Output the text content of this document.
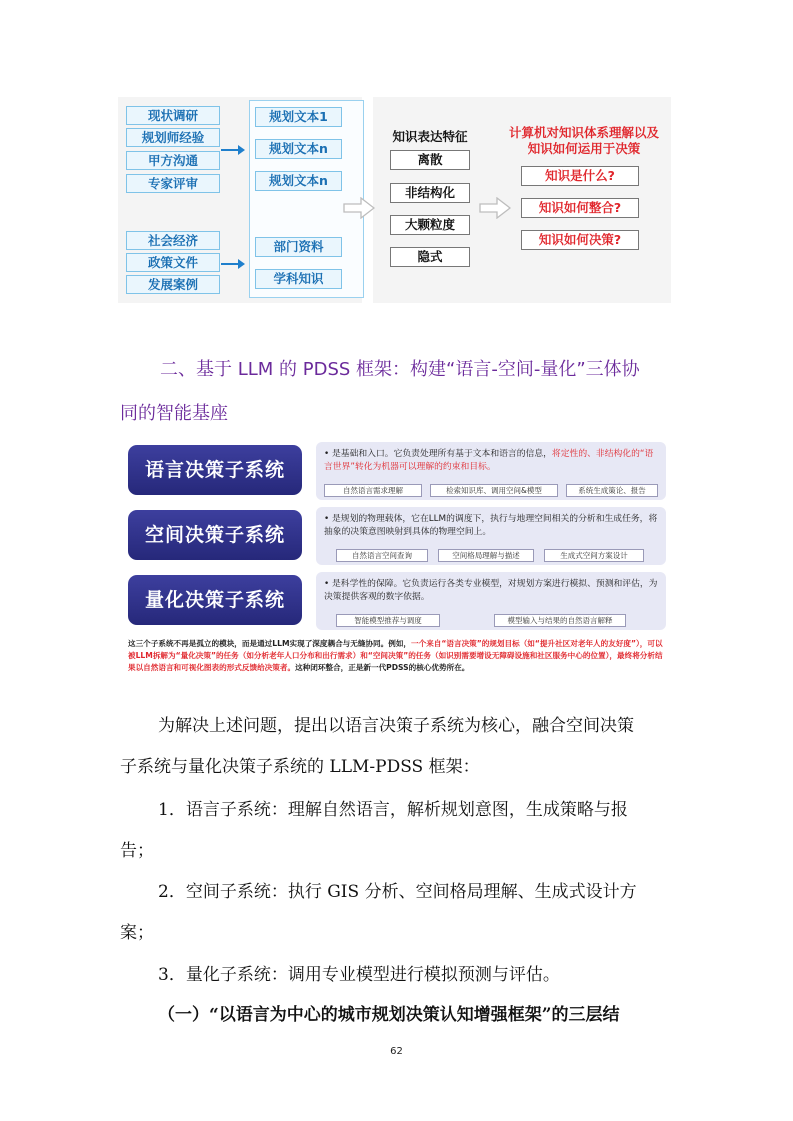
现状调研
规划师经验
甲方沟通
专家评审
社会经济
政策文件
发展案例
规划文本1
规划文本n
规划文本n
部门资料
学科知识
知识表达特征
离散
非结构化
大颗粒度
隐式
计算机对知识体系理解以及
知识如何运用于决策
知识是什么?
知识如何整合?
知识如何决策?
二、基于 LLM 的 PDSS 框架：构建“语言-空间-量化”三体协
同的智能基座
语言决策子系统
• 是基础和入口。它负责处理所有基于文本和语言的信息，将定性的、非结构化的“语言世界”转化为机器可以理解的约束和目标。
自然语言需求理解	检索知识库、调用空间&模型	系统生成策论、报告
空间决策子系统
• 是规划的物理载体，它在LLM的调度下，执行与地理空间相关的分析和生成任务，将抽象的决策意图映射到具体的物理空间上。
自然语言空间查询	空间格局理解与描述	生成式空间方案设计
量化决策子系统
• 是科学性的保障。它负责运行各类专业模型，对规划方案进行模拟、预测和评估，为决策提供客观的数字依据。
智能模型推荐与调度	模型输入与结果的自然语言解释
这三个子系统不再是孤立的模块，而是通过LLM实现了深度耦合与无缝协同。例如，一个来自“语言决策”的规划目标（如“提升社区对老年人的友好度”），可以被LLM拆解为“量化决策”的任务（如分析老年人口分布和出行需求）和“空间决策”的任务（如识别需要增设无障碍设施和社区服务中心的位置），最终将分析结果以自然语言和可视化图表的形式反馈给决策者。这种闭环整合，正是新一代PDSS的核心优势所在。
为解决上述问题，提出以语言决策子系统为核心，融合空间决策
子系统与量化决策子系统的 LLM-PDSS 框架：
1．语言子系统：理解自然语言，解析规划意图，生成策略与报
告；
2．空间子系统：执行 GIS 分析、空间格局理解、生成式设计方
案；
3．量化子系统：调用专业模型进行模拟预测与评估。
（一）“以语言为中心的城市规划决策认知增强框架”的三层结
62
